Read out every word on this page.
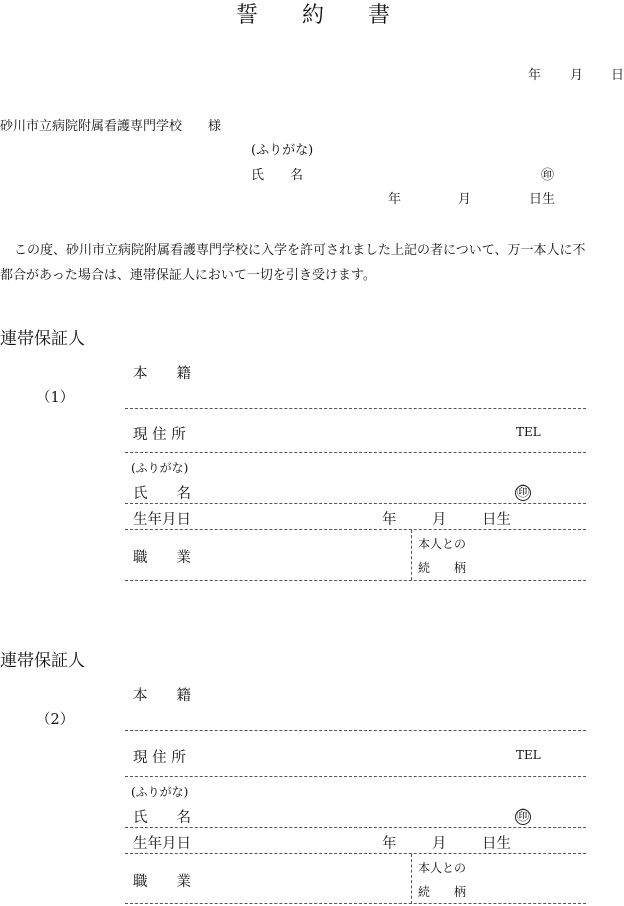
誓　　約　　書
年 月 日
砂川市立病院附属看護専門学校　　様
(ふりがな)
氏　　名	㊞
年	月	日生
この度、砂川市立病院附属看護専門学校に入学を許可されました上記の者について、万一本人に不
都合があった場合は、連帯保証人において一切を引き受けます。
連帯保証人
（1）
本　　籍
現 住 所	TEL
(ふりがな)
氏　　名	㊞
生年月日	年 月 日生
職　　業
本人との
続　　柄
連帯保証人
（2）
本　　籍
現 住 所	TEL
(ふりがな)
氏　　名	㊞
生年月日	年 月 日生
職　　業
本人との
続　　柄
